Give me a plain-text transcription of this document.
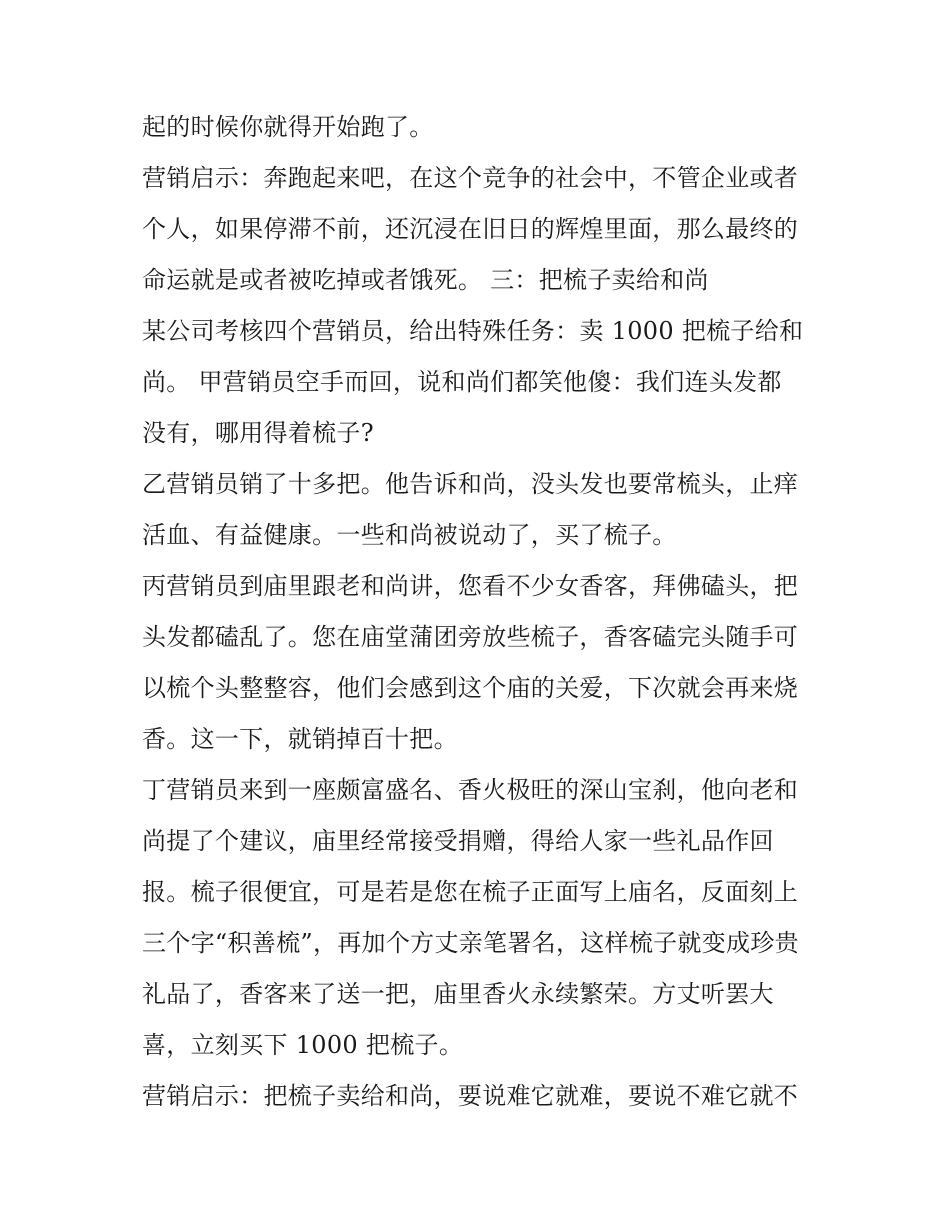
起的时候你就得开始跑了。
营销启示：奔跑起来吧，在这个竞争的社会中，不管企业或者
个人，如果停滞不前，还沉浸在旧日的辉煌里面，那么最终的
命运就是或者被吃掉或者饿死。 三：把梳子卖给和尚
某公司考核四个营销员，给出特殊任务：卖 1000 把梳子给和
尚。 甲营销员空手而回，说和尚们都笑他傻：我们连头发都
没有，哪用得着梳子?
乙营销员销了十多把。他告诉和尚，没头发也要常梳头，止痒
活血、有益健康。一些和尚被说动了，买了梳子。
丙营销员到庙里跟老和尚讲，您看不少女香客，拜佛磕头，把
头发都磕乱了。您在庙堂蒲团旁放些梳子，香客磕完头随手可
以梳个头整整容，他们会感到这个庙的关爱，下次就会再来烧
香。这一下，就销掉百十把。
丁营销员来到一座颇富盛名、香火极旺的深山宝刹，他向老和
尚提了个建议，庙里经常接受捐赠，得给人家一些礼品作回
报。梳子很便宜，可是若是您在梳子正面写上庙名，反面刻上
三个字“积善梳”，再加个方丈亲笔署名，这样梳子就变成珍贵
礼品了，香客来了送一把，庙里香火永续繁荣。方丈听罢大
喜，立刻买下 1000 把梳子。
营销启示：把梳子卖给和尚，要说难它就难，要说不难它就不
